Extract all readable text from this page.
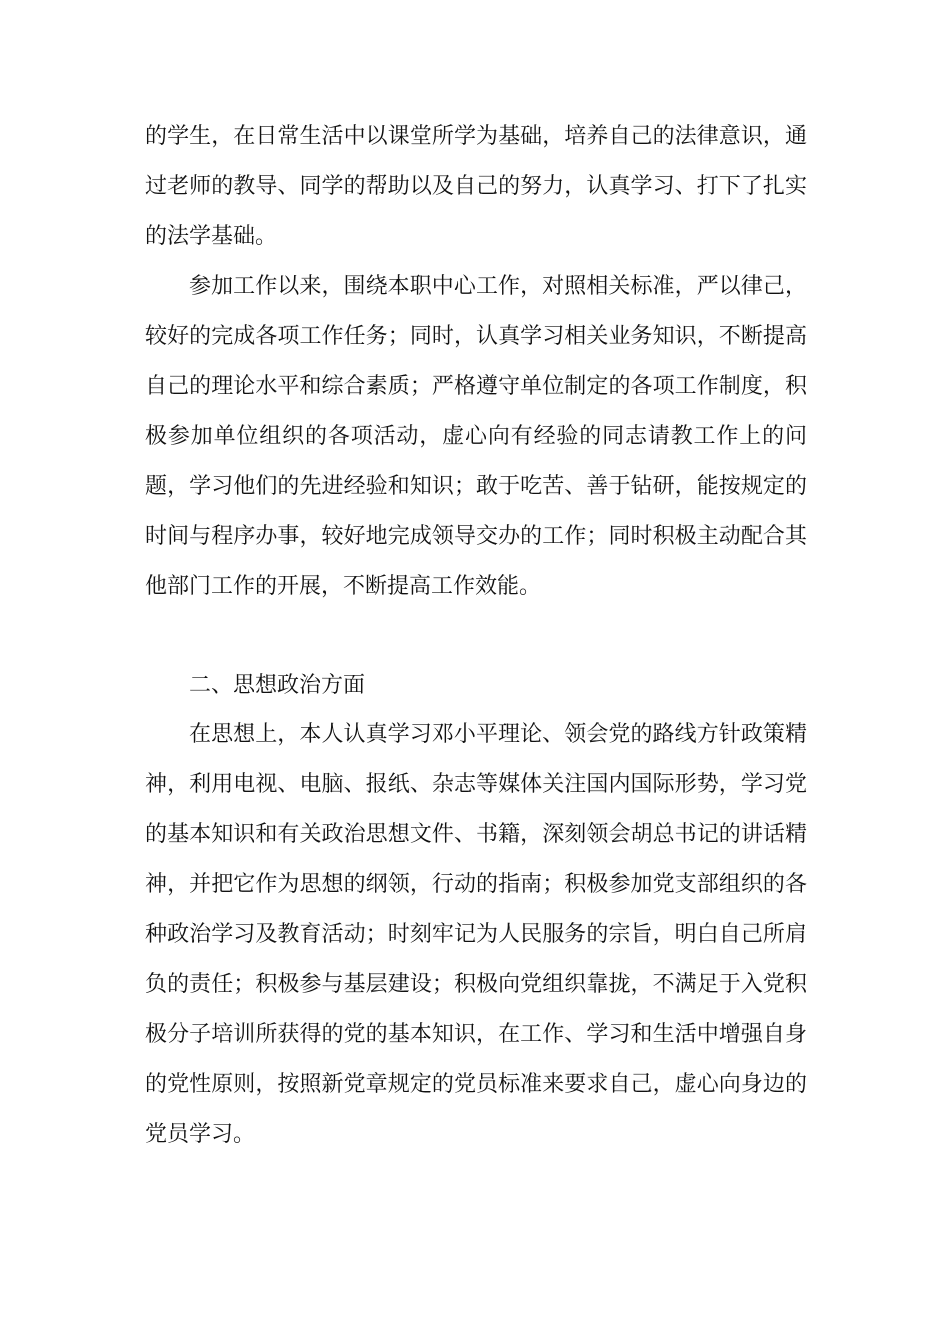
的学生，在日常生活中以课堂所学为基础，培养自己的法律意识，通
过老师的教导、同学的帮助以及自己的努力，认真学习、打下了扎实
的法学基础。
参加工作以来，围绕本职中心工作，对照相关标准，严以律己，
较好的完成各项工作任务；同时，认真学习相关业务知识，不断提高
自己的理论水平和综合素质；严格遵守单位制定的各项工作制度，积
极参加单位组织的各项活动，虚心向有经验的同志请教工作上的问
题，学习他们的先进经验和知识；敢于吃苦、善于钻研，能按规定的
时间与程序办事，较好地完成领导交办的工作；同时积极主动配合其
他部门工作的开展，不断提高工作效能。
二、思想政治方面
在思想上，本人认真学习邓小平理论、领会党的路线方针政策精
神，利用电视、电脑、报纸、杂志等媒体关注国内国际形势，学习党
的基本知识和有关政治思想文件、书籍，深刻领会胡总书记的讲话精
神，并把它作为思想的纲领，行动的指南；积极参加党支部组织的各
种政治学习及教育活动；时刻牢记为人民服务的宗旨，明白自己所肩
负的责任；积极参与基层建设；积极向党组织靠拢，不满足于入党积
极分子培训所获得的党的基本知识，在工作、学习和生活中增强自身
的党性原则，按照新党章规定的党员标准来要求自己，虚心向身边的
党员学习。
